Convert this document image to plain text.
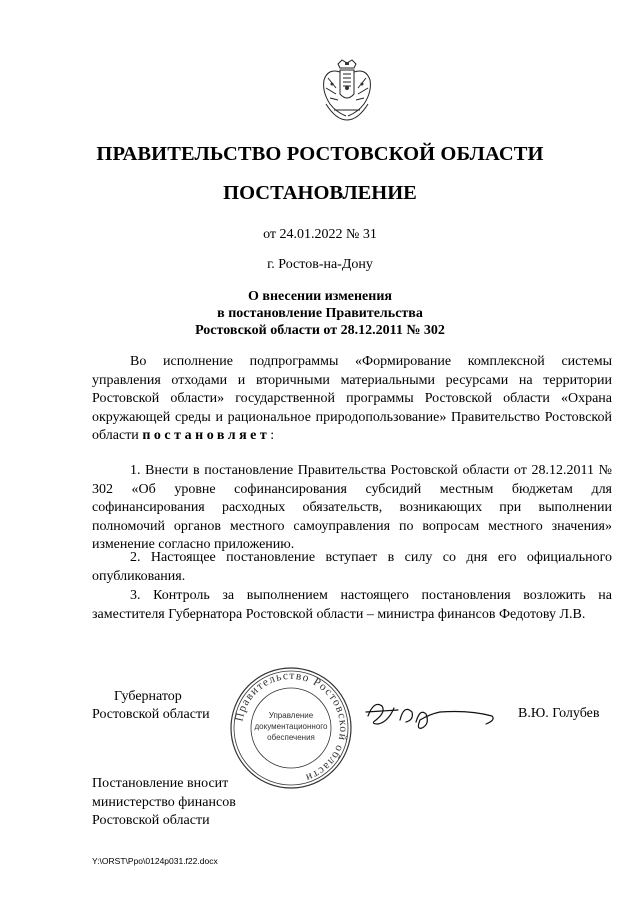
ПРАВИТЕЛЬСТВО РОСТОВСКОЙ ОБЛАСТИ
ПОСТАНОВЛЕНИЕ
от 24.01.2022 № 31
г. Ростов-на-Дону
О внесении изменения
в постановление Правительства
Ростовской области от 28.12.2011 № 302

Во исполнение подпрограммы «Формирование комплексной системы управления отходами и вторичными материальными ресурсами на территории Ростовской области» государственной программы Ростовской области «Охрана окружающей среды и рациональное природопользование» Правительство Ростовской области постановляет:

1. Внести в постановление Правительства Ростовской области от 28.12.2011 № 302 «Об уровне софинансирования субсидий местным бюджетам для софинансирования расходных обязательств, возникающих при выполнении полномочий органов местного самоуправления по вопросам местного значения» изменение согласно приложению.

2. Настоящее постановление вступает в силу со дня его официального опубликования.

3. Контроль за выполнением настоящего постановления возложить на заместителя Губернатора Ростовской области – министра финансов Федотову Л.В.

Губернатор
Ростовской области Правительство Ростовской области
Управление
документационного
обеспечения
В.Ю. Голубев
Постановление вносит
министерство финансов
Ростовской области
Y:\ORST\Ppo\0124p031.f22.docx
